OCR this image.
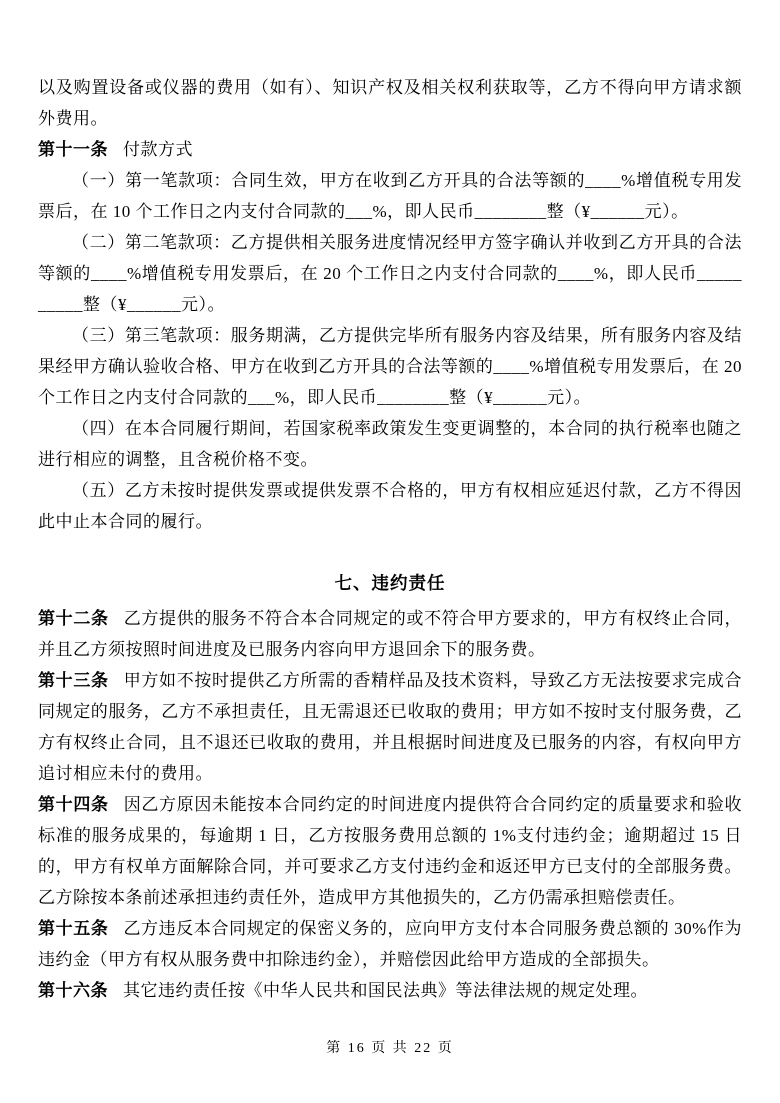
以及购置设备或仪器的费用（如有）、知识产权及相关权利获取等，乙方不得向甲方请求额外费用。

第十一条 付款方式

（一）第一笔款项：合同生效，甲方在收到乙方开具的合法等额的____%增值税专用发票后，在 10 个工作日之内支付合同款的___%，即人民币________整（¥______元）。

（二）第二笔款项：乙方提供相关服务进度情况经甲方签字确认并收到乙方开具的合法等额的____%增值税专用发票后，在 20 个工作日之内支付合同款的____%，即人民币__________整（¥______元）。

（三）第三笔款项：服务期满，乙方提供完毕所有服务内容及结果，所有服务内容及结果经甲方确认验收合格、甲方在收到乙方开具的合法等额的____%增值税专用发票后，在 20 个工作日之内支付合同款的___%，即人民币________整（¥______元）。

（四）在本合同履行期间，若国家税率政策发生变更调整的，本合同的执行税率也随之进行相应的调整，且含税价格不变。

（五）乙方未按时提供发票或提供发票不合格的，甲方有权相应延迟付款，乙方不得因此中止本合同的履行。

七、违约责任

第十二条 乙方提供的服务不符合本合同规定的或不符合甲方要求的，甲方有权终止合同，并且乙方须按照时间进度及已服务内容向甲方退回余下的服务费。

第十三条 甲方如不按时提供乙方所需的香精样品及技术资料，导致乙方无法按要求完成合同规定的服务，乙方不承担责任，且无需退还已收取的费用；甲方如不按时支付服务费，乙方有权终止合同，且不退还已收取的费用，并且根据时间进度及已服务的内容，有权向甲方追讨相应未付的费用。

第十四条 因乙方原因未能按本合同约定的时间进度内提供符合合同约定的质量要求和验收标准的服务成果的，每逾期 1 日，乙方按服务费用总额的 1%支付违约金；逾期超过 15 日的，甲方有权单方面解除合同，并可要求乙方支付违约金和返还甲方已支付的全部服务费。乙方除按本条前述承担违约责任外，造成甲方其他损失的，乙方仍需承担赔偿责任。

第十五条 乙方违反本合同规定的保密义务的，应向甲方支付本合同服务费总额的 30%作为违约金（甲方有权从服务费中扣除违约金），并赔偿因此给甲方造成的全部损失。

第十六条 其它违约责任按《中华人民共和国民法典》等法律法规的规定处理。

第 16 页 共 22 页
